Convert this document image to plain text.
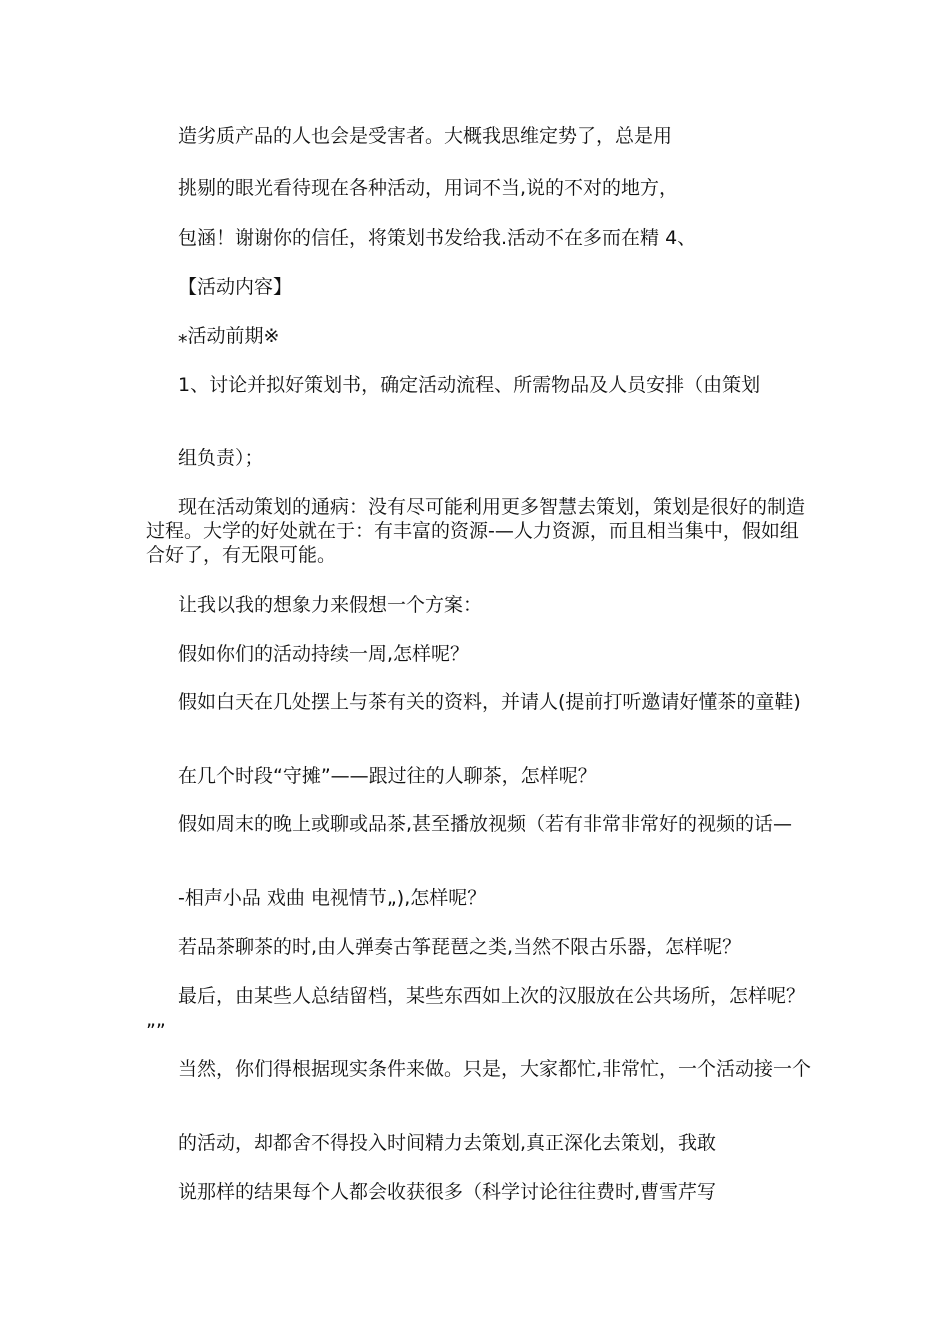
造劣质产品的人也会是受害者。大概我思维定势了，总是用

挑剔的眼光看待现在各种活动，用词不当,说的不对的地方，

包涵！谢谢你的信任，将策划书发给我.活动不在多而在精 4、

【活动内容】

⁎活动前期※

1、讨论并拟好策划书，确定活动流程、所需物品及人员安排（由策划

组负责）；

现在活动策划的通病：没有尽可能利用更多智慧去策划，策划是很好的制造过程。大学的好处就在于：有丰富的资源-—人力资源，而且相当集中，假如组合好了，有无限可能。

让我以我的想象力来假想一个方案：

假如你们的活动持续一周,怎样呢？

假如白天在几处摆上与茶有关的资料，并请人(提前打听邀请好懂茶的童鞋)

在几个时段“守摊”——跟过往的人聊茶，怎样呢？

假如周末的晚上或聊或品茶,甚至播放视频（若有非常非常好的视频的话—

-相声小品 戏曲 电视情节„),怎样呢？

若品茶聊茶的时,由人弹奏古筝琵琶之类,当然不限古乐器，怎样呢？

最后，由某些人总结留档，某些东西如上次的汉服放在公共场所，怎样呢？ „„

当然，你们得根据现实条件来做。只是，大家都忙,非常忙，一个活动接一个

的活动，却都舍不得投入时间精力去策划,真正深化去策划，我敢

说那样的结果每个人都会收获很多（科学讨论往往费时,曹雪芹写
